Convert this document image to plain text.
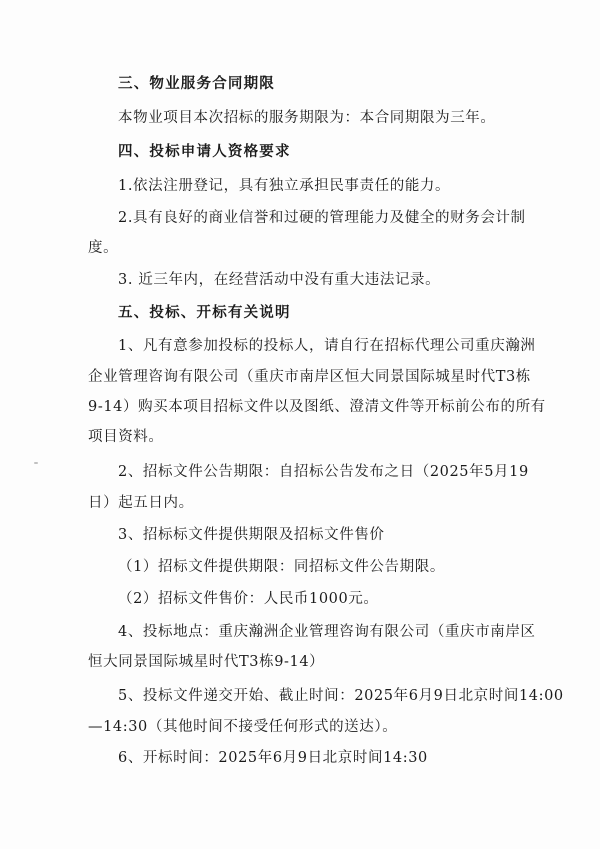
三、物业服务合同期限
本物业项目本次招标的服务期限为：本合同期限为三年。
四、投标申请人资格要求
1.依法注册登记，具有独立承担民事责任的能力。
2.具有良好的商业信誉和过硬的管理能力及健全的财务会计制
度。
3. 近三年内，在经营活动中没有重大违法记录。
五、投标、开标有关说明
1、凡有意参加投标的投标人，请自行在招标代理公司重庆瀚洲
企业管理咨询有限公司（重庆市南岸区恒大同景国际城星时代T3栋
9-14）购买本项目招标文件以及图纸、澄清文件等开标前公布的所有
项目资料。
2、招标文件公告期限：自招标公告发布之日（2025年5月19
日）起五日内。
3、招标标文件提供期限及招标文件售价
（1）招标文件提供期限：同招标文件公告期限。
（2）招标文件售价：人民币1000元。
4、投标地点：重庆瀚洲企业管理咨询有限公司（重庆市南岸区
恒大同景国际城星时代T3栋9-14）
5、投标文件递交开始、截止时间：2025年6月9日北京时间14:00
—14:30（其他时间不接受任何形式的送达）。
6、开标时间：2025年6月9日北京时间14:30
